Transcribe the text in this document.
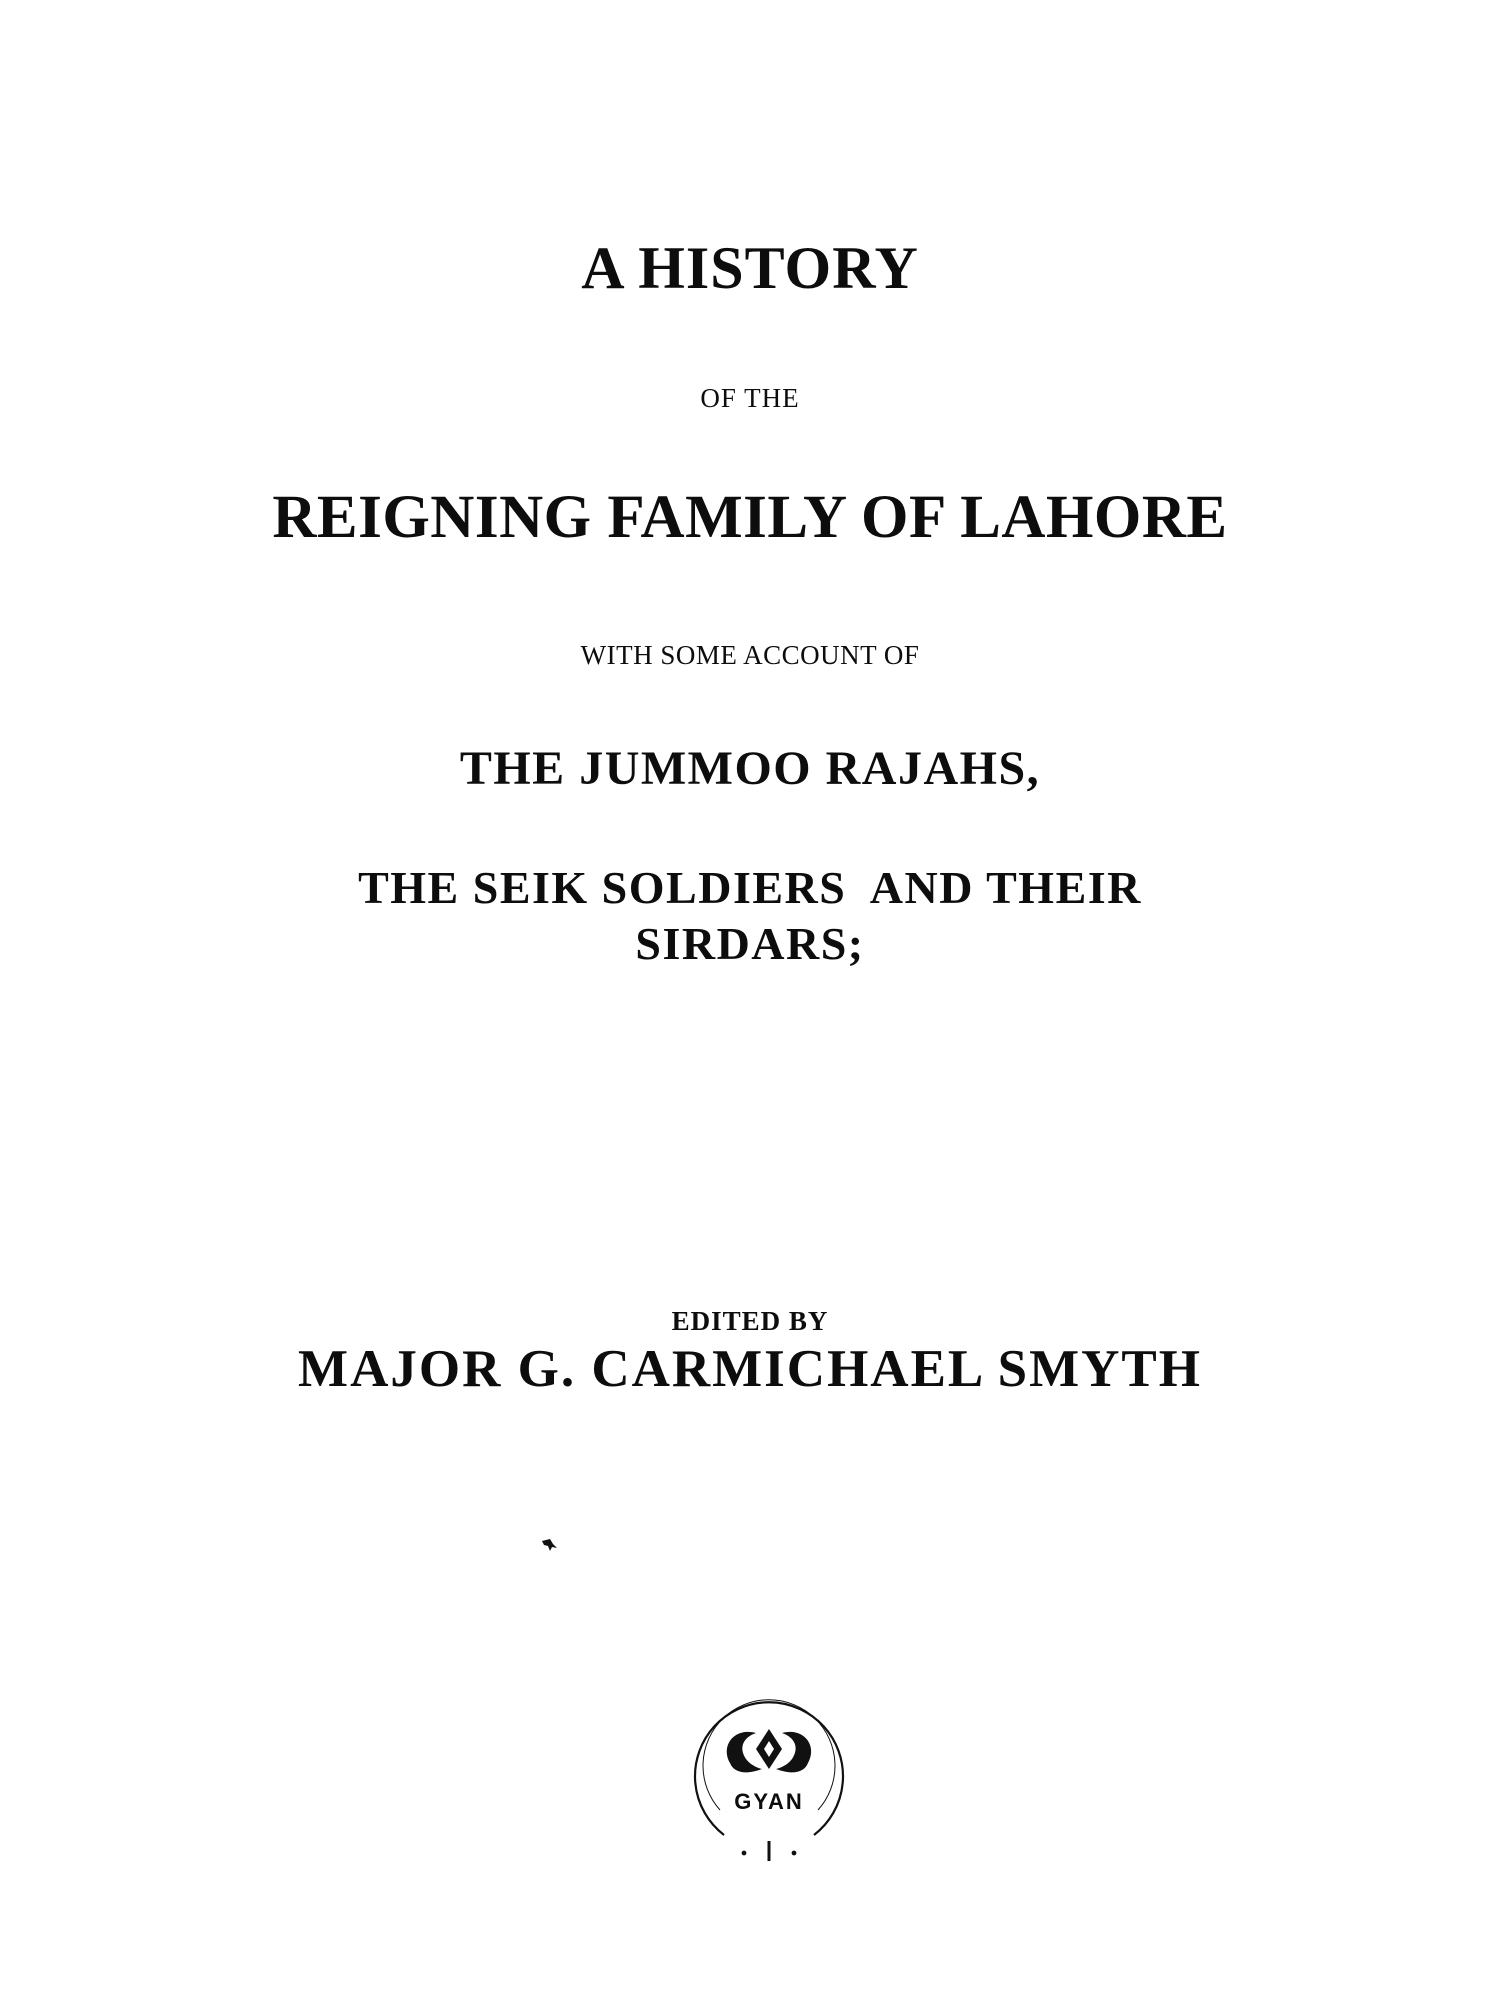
A HISTORY
OF THE
REIGNING FAMILY OF LAHORE
WITH SOME ACCOUNT OF
THE JUMMOO RAJAHS,
THE SEIK SOLDIERS  AND THEIR
SIRDARS;
EDITED BY
MAJOR G. CARMICHAEL SMYTH
GYAN
